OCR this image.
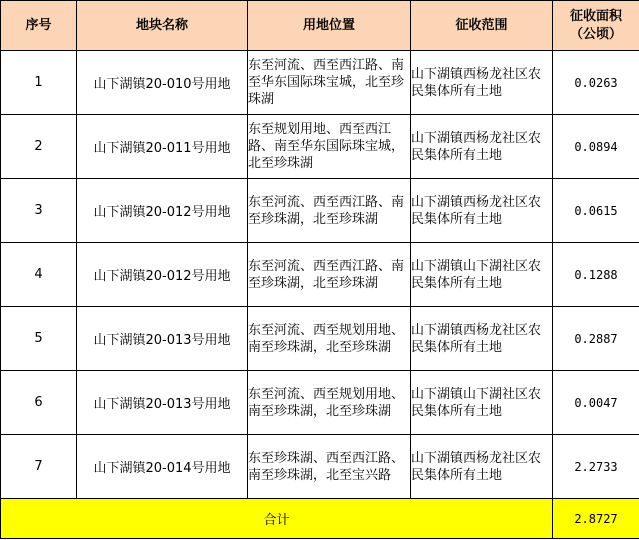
序号	地块名称	用地位置	征收范围	征收面积
（公顷）

1	山下湖镇20-010号用地	东至河流、西至西江路、南至华东国际珠宝城，北至珍珠湖	山下湖镇西杨龙社区农民集体所有土地	0.0263
2	山下湖镇20-011号用地	东至规划用地、西至西江路、南至华东国际珠宝城，北至珍珠湖	山下湖镇西杨龙社区农民集体所有土地	0.0894
3	山下湖镇20-012号用地	东至河流、西至西江路、南至珍珠湖，北至珍珠湖	山下湖镇西杨龙社区农民集体所有土地	0.0615
4	山下湖镇20-012号用地	东至河流、西至西江路、南至珍珠湖，北至珍珠湖	山下湖镇山下湖社区农民集体所有土地	0.1288
5	山下湖镇20-013号用地	东至河流、西至规划用地、南至珍珠湖，北至珍珠湖	山下湖镇西杨龙社区农民集体所有土地	0.2887
6	山下湖镇20-013号用地	东至河流、西至规划用地、南至珍珠湖，北至珍珠湖	山下湖镇山下湖社区农民集体所有土地	0.0047
7	山下湖镇20-014号用地	东至珍珠湖、西至西江路、南至珍珠湖，北至宝兴路	山下湖镇西杨龙社区农民集体所有土地	2.2733
合计				2.8727
